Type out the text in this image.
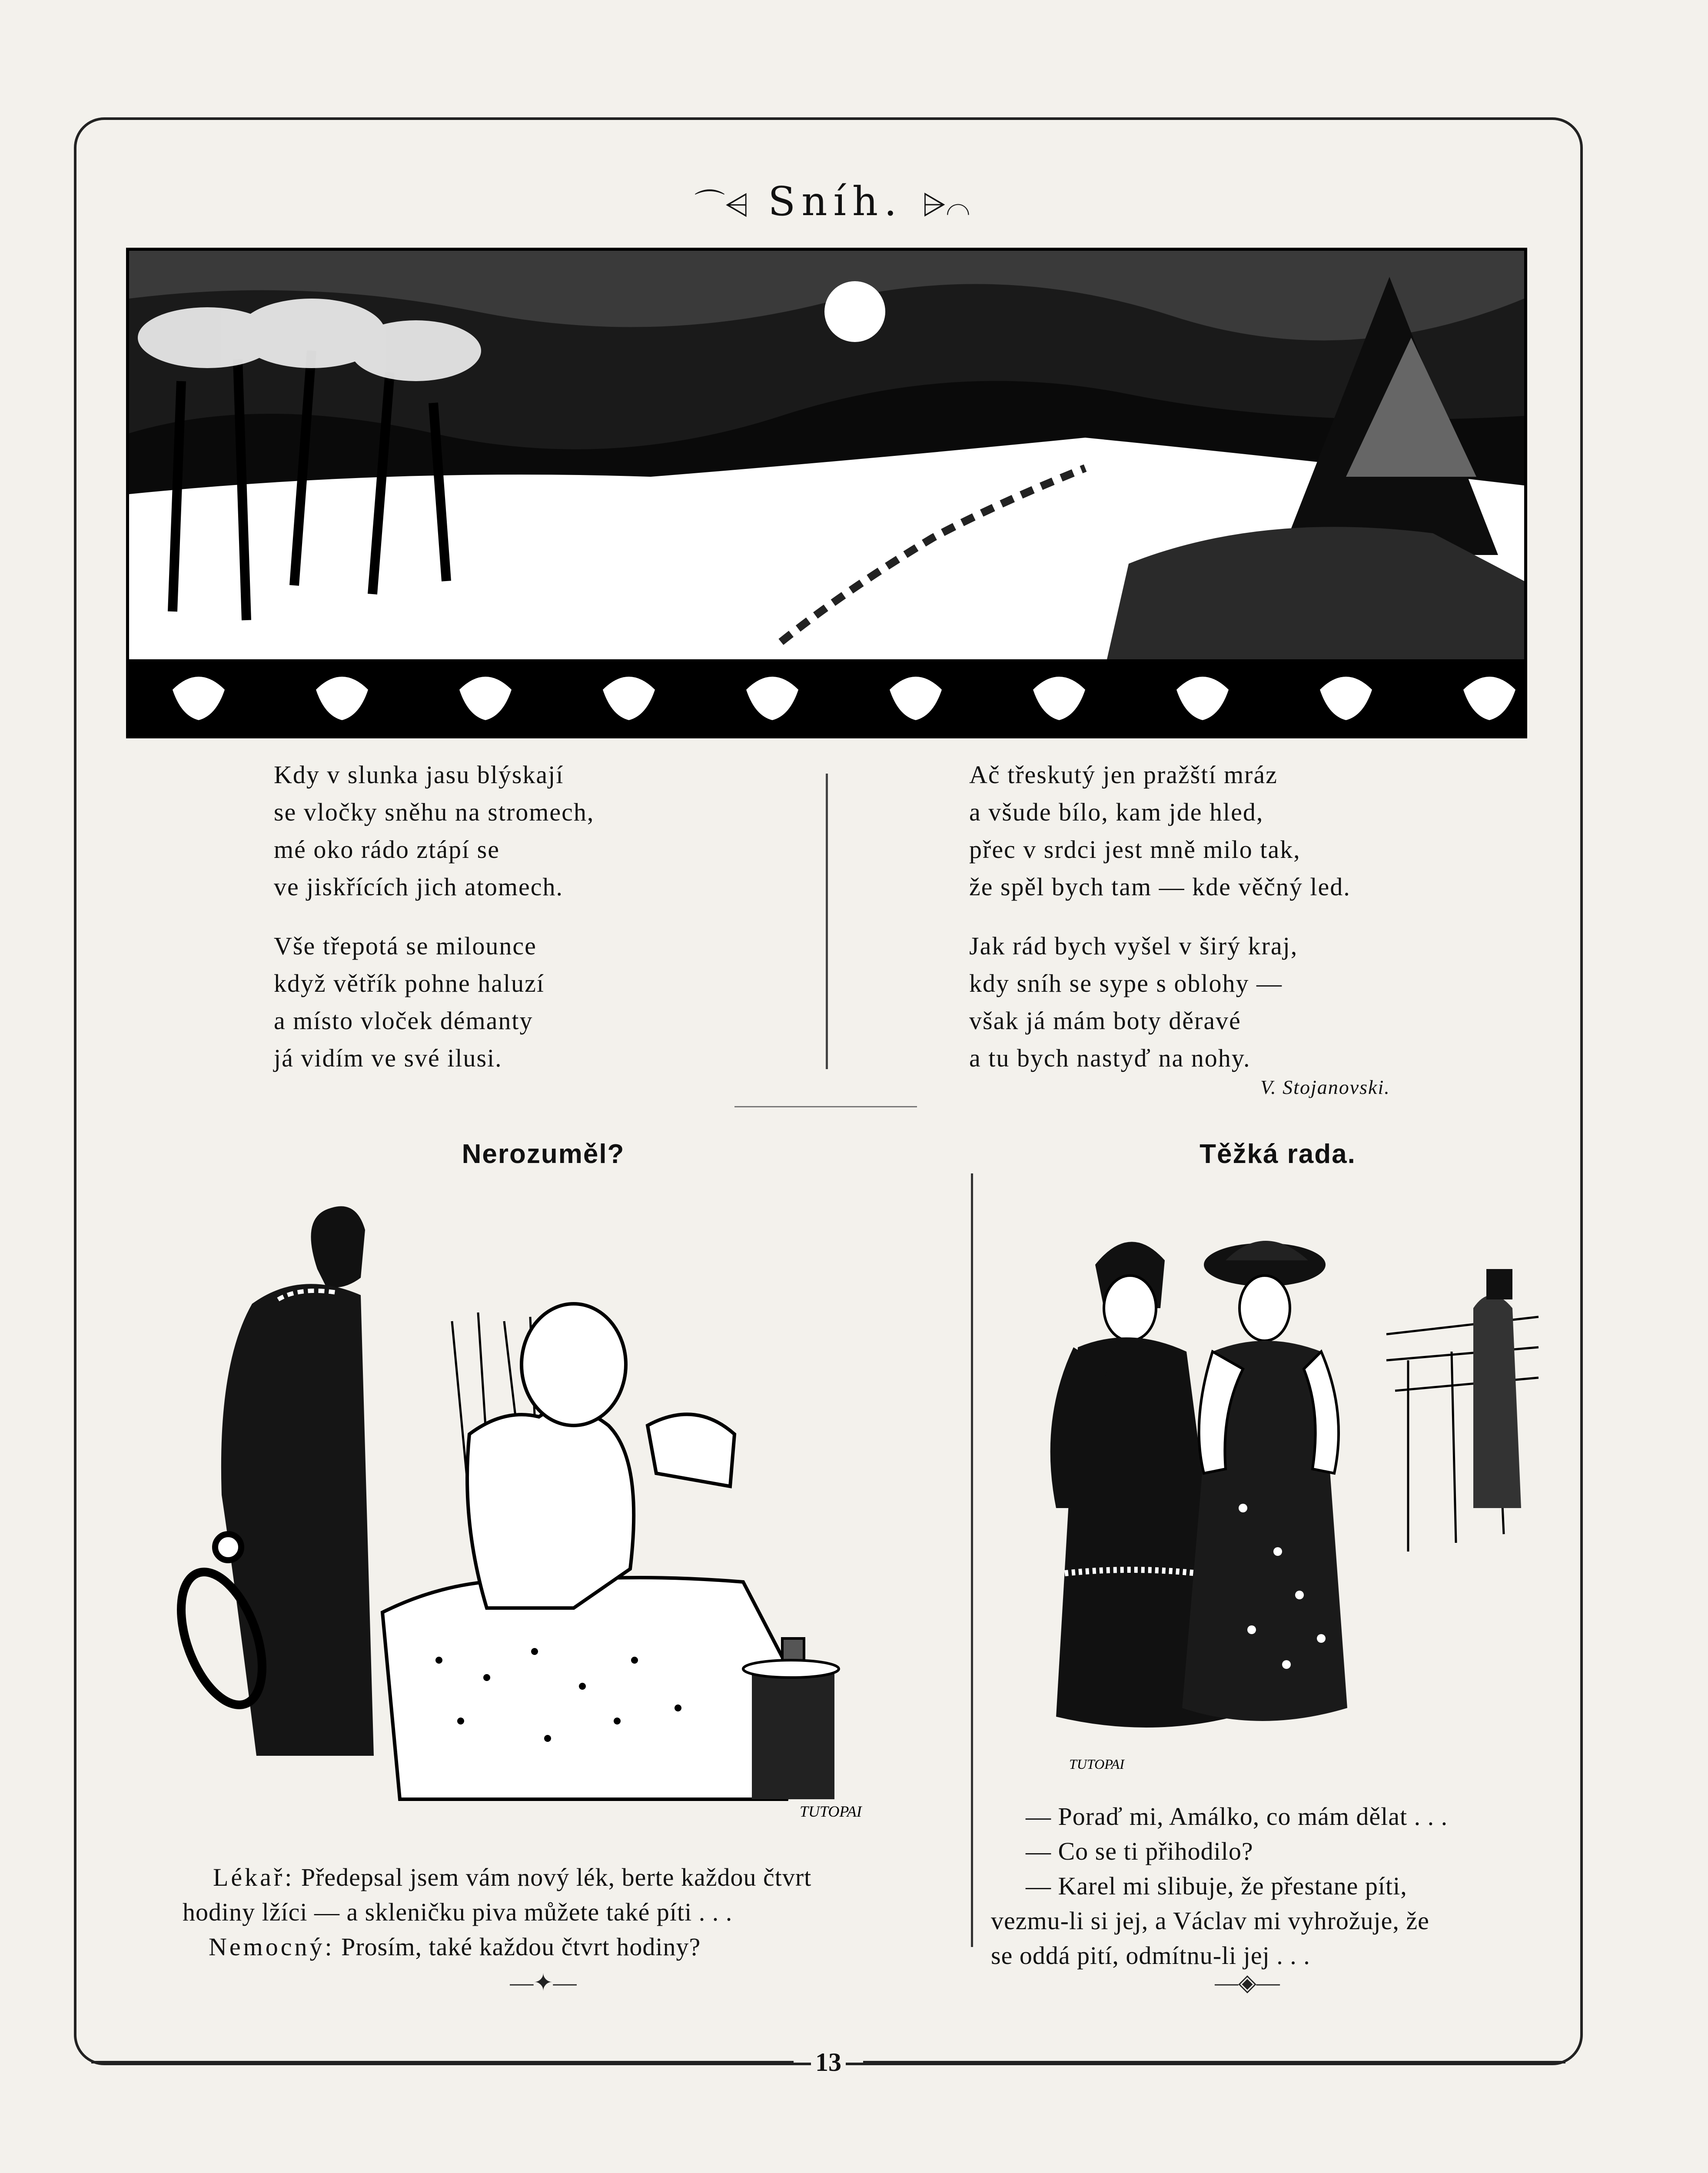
⌒⩤ Sníh. ⩥⌒
Kdy v slunka jasu blýskají
se vločky sněhu na stromech,
mé oko rádo ztápí se
ve jiskřících jich atomech.
Vše třepotá se milounce
když větřík pohne haluzí
a místo vloček démanty
já vidím ve své ilusi.
Ač třeskutý jen pražští mráz
a všude bílo, kam jde hled,
přec v srdci jest mně milo tak,
že spěl bych tam — kde věčný led.
Jak rád bych vyšel v širý kraj,
kdy sníh se sype s oblohy —
však já mám boty děravé
a tu bych nastyď na nohy.
V. Stojanovski.
Nerozuměl?	Těžká rada.
TUTOPAI
TUTOPAI
Lékař: Předepsal jsem vám nový lék, berte každou čtvrt
hodiny lžíci — a skleničku piva můžete také píti . . .
Nemocný: Prosím, také každou čtvrt hodiny?
— Poraď mi, Amálko, co mám dělat . . .
— Co se ti přihodilo?
— Karel mi slibuje, že přestane píti,
vezmu-li si jej, a Václav mi vyhrožuje, že
se oddá pití, odmítnu-li jej . . .
—✦—	—◈—
13
